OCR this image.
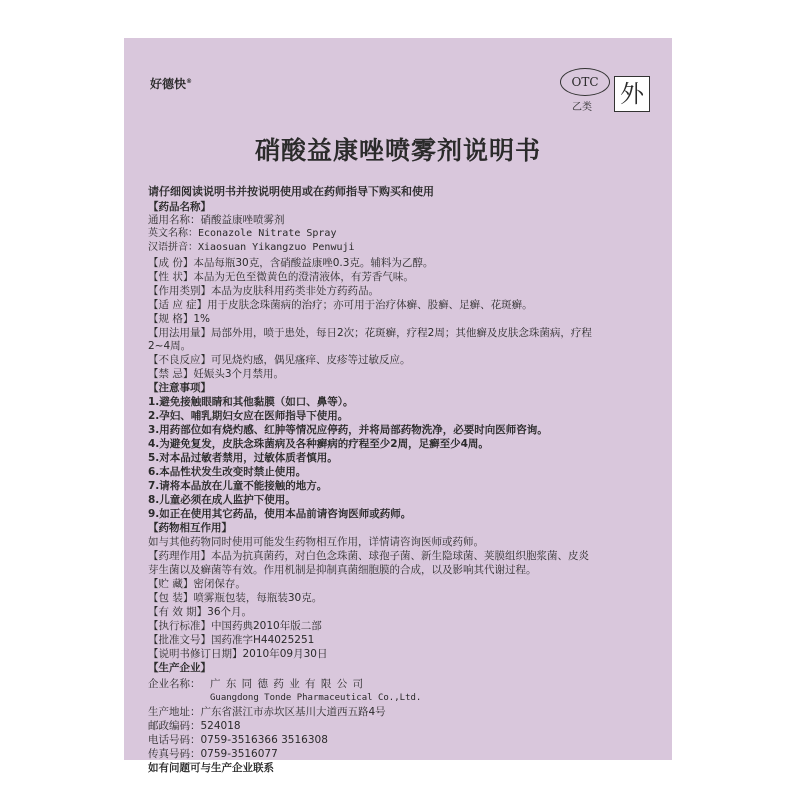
好德快®	OTC
乙类 外
硝酸益康唑喷雾剂说明书
请仔细阅读说明书并按说明使用或在药师指导下购买和使用
【药品名称】
通用名称：硝酸益康唑喷雾剂
英文名称：Econazole Nitrate Spray
汉语拼音：Xiaosuan Yikangzuo Penwuji
【成 份】本品每瓶30克，含硝酸益康唑0.3克。辅料为乙醇。
【性 状】本品为无色至微黄色的澄清液体，有芳香气味。
【作用类别】本品为皮肤科用药类非处方药药品。
【适 应 症】用于皮肤念珠菌病的治疗；亦可用于治疗体癣、股癣、足癣、花斑癣。
【规 格】1%
【用法用量】局部外用，喷于患处，每日2次；花斑癣，疗程2周；其他癣及皮肤念珠菌病，疗程
2~4周。
【不良反应】可见烧灼感，偶见瘙痒、皮疹等过敏反应。
【禁 忌】妊娠头3个月禁用。
【注意事项】
1.避免接触眼睛和其他黏膜（如口、鼻等）。
2.孕妇、哺乳期妇女应在医师指导下使用。
3.用药部位如有烧灼感、红肿等情况应停药，并将局部药物洗净，必要时向医师咨询。
4.为避免复发，皮肤念珠菌病及各种癣病的疗程至少2周，足癣至少4周。
5.对本品过敏者禁用，过敏体质者慎用。
6.本品性状发生改变时禁止使用。
7.请将本品放在儿童不能接触的地方。
8.儿童必须在成人监护下使用。
9.如正在使用其它药品，使用本品前请咨询医师或药师。
【药物相互作用】
如与其他药物同时使用可能发生药物相互作用，详情请咨询医师或药师。
【药理作用】本品为抗真菌药，对白色念珠菌、球孢子菌、新生隐球菌、荚膜组织胞浆菌、皮炎
芽生菌以及癣菌等有效。作用机制是抑制真菌细胞膜的合成，以及影响其代谢过程。
【贮 藏】密闭保存。
【包 装】喷雾瓶包装，每瓶装30克。
【有 效 期】36个月。
【执行标准】中国药典2010年版二部
【批准文号】国药准字H44025251
【说明书修订日期】2010年09月30日
【生产企业】
企业名称： 广 东 同 德 药 业 有 限 公 司
Guangdong Tonde Pharmaceutical Co.,Ltd.
生产地址：广东省湛江市赤坎区基川大道西五路4号
邮政编码：524018
电话号码：0759-3516366 3516308
传真号码：0759-3516077
如有问题可与生产企业联系
